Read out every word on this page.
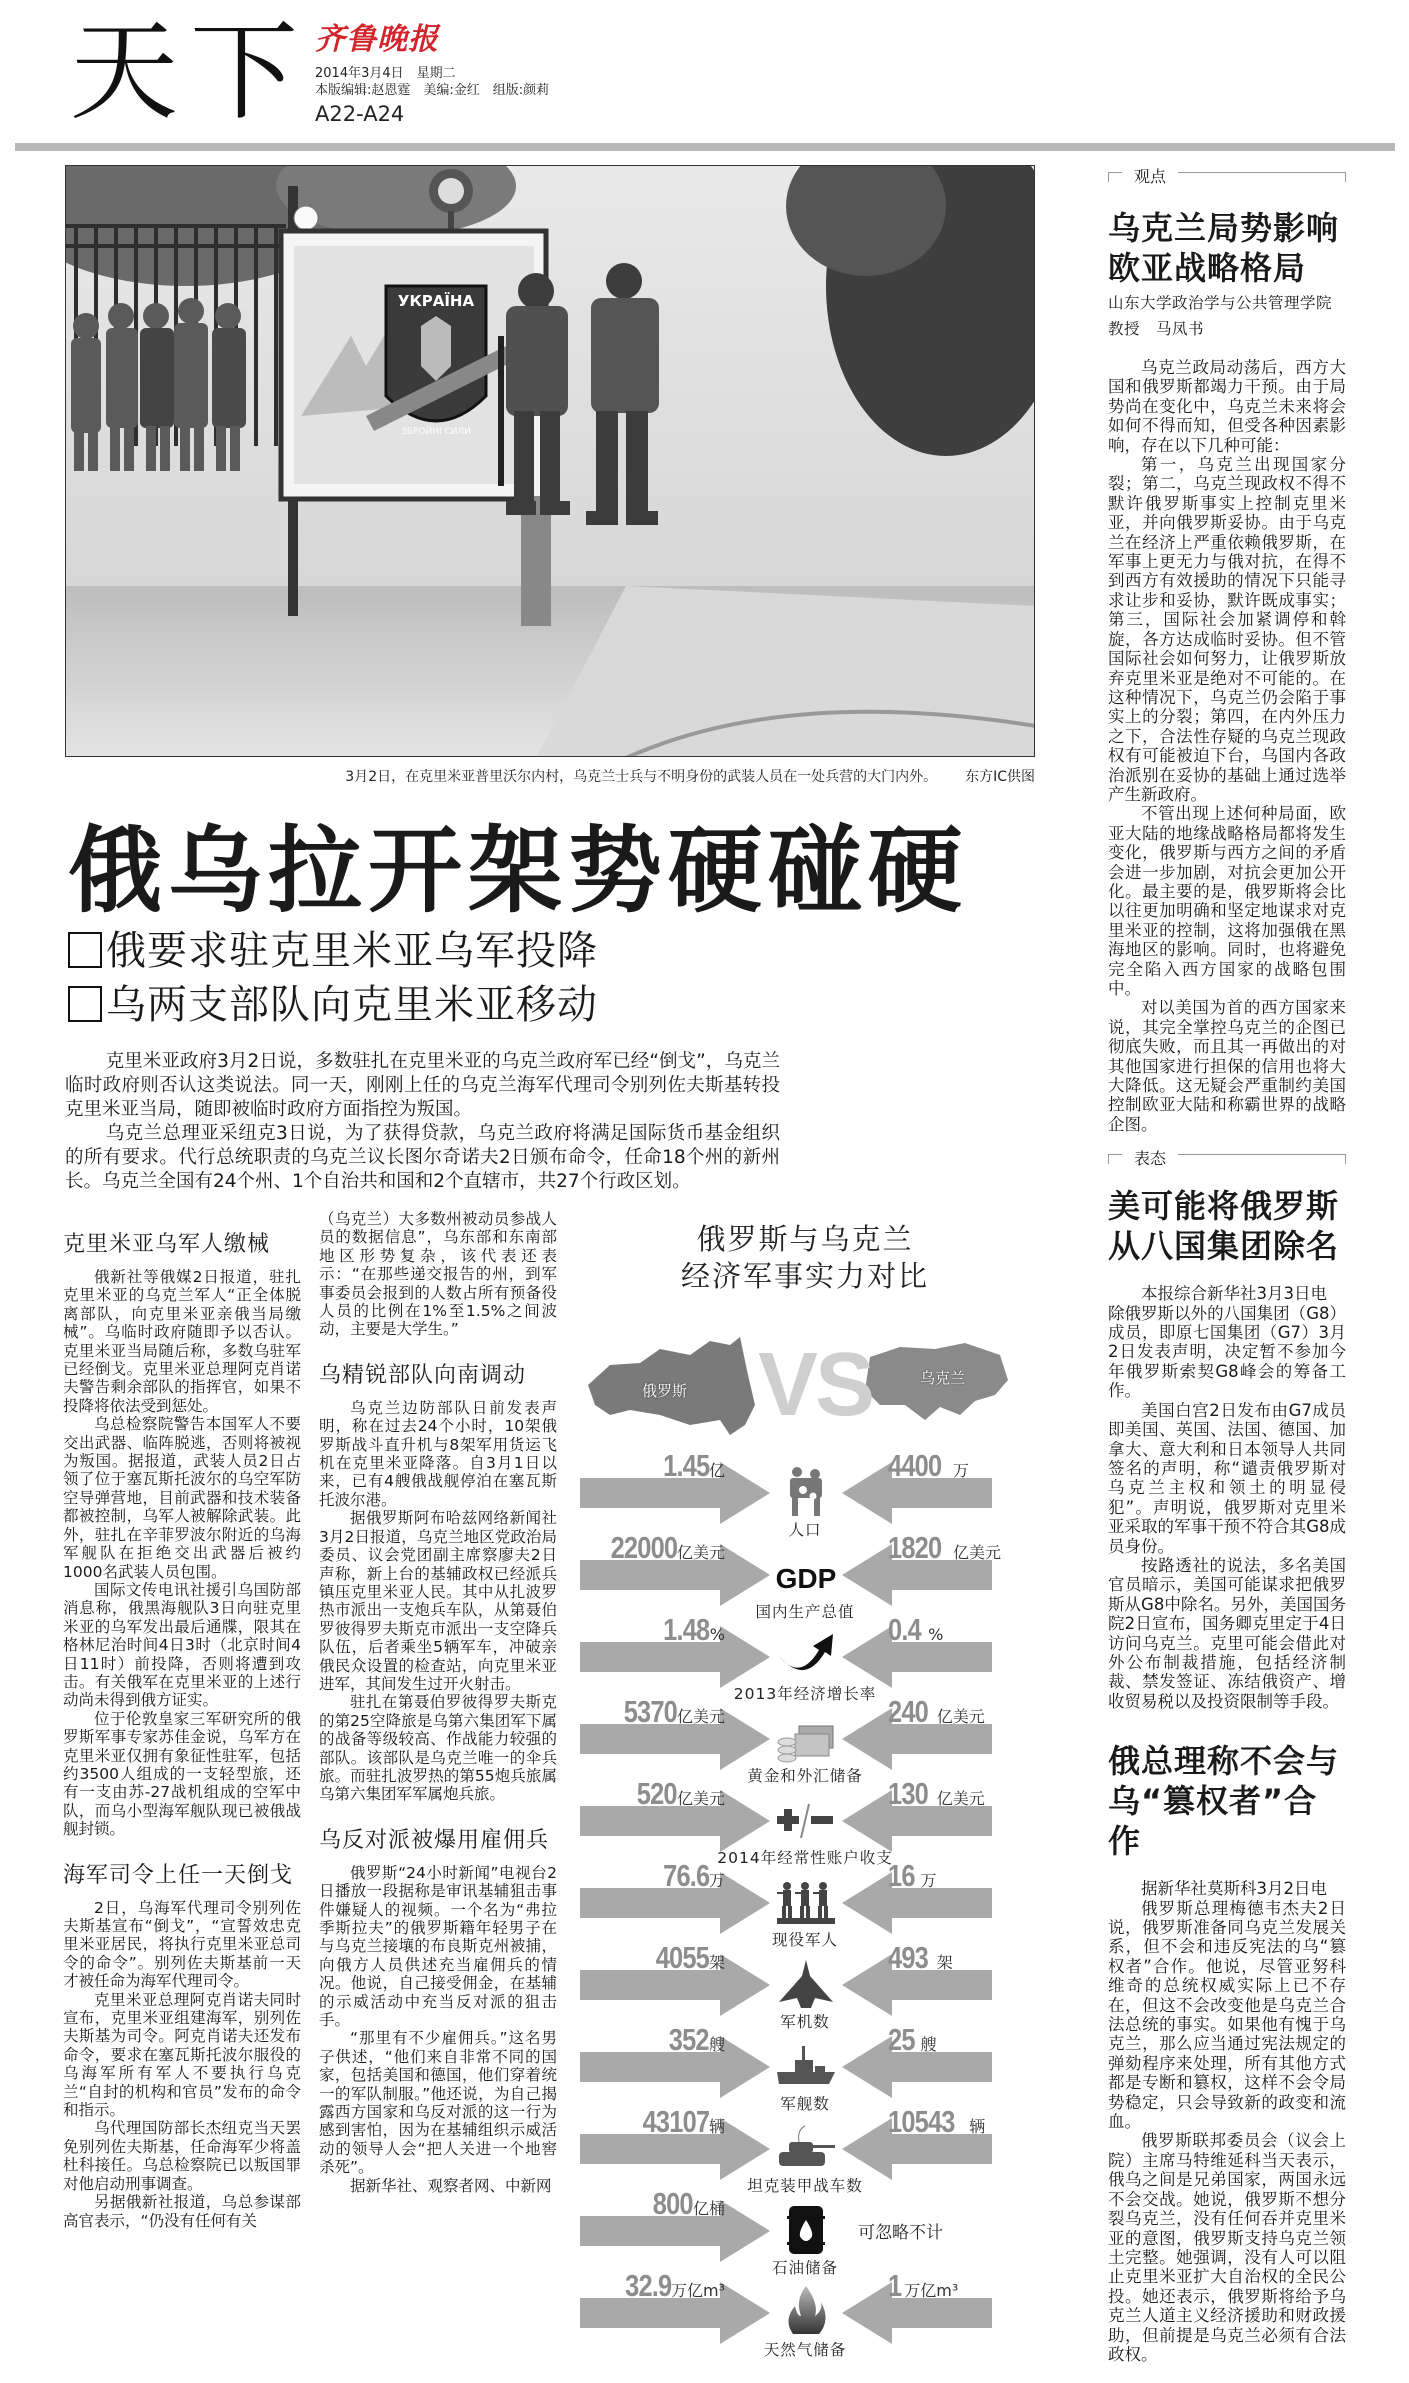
天下 齐鲁晚报
2014年3月4日　星期二
本版编辑:赵恩霆　美编:金红　组版:颜莉
A22-A24
УКРАЇНА
ЗБРОЙНІ СИЛИ
3月2日，在克里米亚普里沃尔内村，乌克兰士兵与不明身份的武装人员在一处兵营的大门内外。 东方IC供图
俄乌拉开架势硬碰硬
俄要求驻克里米亚乌军投降
乌两支部队向克里米亚移动

克里米亚政府3月2日说，多数驻扎在克里米亚的乌克兰政府军已经“倒戈”，乌克兰临时政府则否认这类说法。同一天，刚刚上任的乌克兰海军代理司令别列佐夫斯基转投克里米亚当局，随即被临时政府方面指控为叛国。

乌克兰总理亚采纽克3日说，为了获得贷款，乌克兰政府将满足国际货币基金组织的所有要求。代行总统职责的乌克兰议长图尔奇诺夫2日颁布命令，任命18个州的新州长。乌克兰全国有24个州、1个自治共和国和2个直辖市，共27个行政区划。

克里米亚乌军人缴械

俄新社等俄媒2日报道，驻扎克里米亚的乌克兰军人“正全体脱离部队，向克里米亚亲俄当局缴械”。乌临时政府随即予以否认。克里米亚当局随后称，多数乌驻军已经倒戈。克里米亚总理阿克肖诺夫警告剩余部队的指挥官，如果不投降将依法受到惩处。

乌总检察院警告本国军人不要交出武器、临阵脱逃，否则将被视为叛国。据报道，武装人员2日占领了位于塞瓦斯托波尔的乌空军防空导弹营地，目前武器和技术装备都被控制，乌军人被解除武装。此外，驻扎在辛菲罗波尔附近的乌海军舰队在拒绝交出武器后被约1000名武装人员包围。

国际文传电讯社援引乌国防部消息称，俄黑海舰队3日向驻克里米亚的乌军发出最后通牒，限其在格林尼治时间4日3时（北京时间4日11时）前投降，否则将遭到攻击。有关俄军在克里米亚的上述行动尚未得到俄方证实。

位于伦敦皇家三军研究所的俄罗斯军事专家苏佳金说，乌军方在克里米亚仅拥有象征性驻军，包括约3500人组成的一支轻型旅，还有一支由苏-27战机组成的空军中队，而乌小型海军舰队现已被俄战舰封锁。

海军司令上任一天倒戈

2日，乌海军代理司令别列佐夫斯基宣布“倒戈”，“宣誓效忠克里米亚居民，将执行克里米亚总司令的命令”。别列佐夫斯基前一天才被任命为海军代理司令。

克里米亚总理阿克肖诺夫同时宣布，克里米亚组建海军，别列佐夫斯基为司令。阿克肖诺夫还发布命令，要求在塞瓦斯托波尔服役的乌海军所有军人不要执行乌克兰“自封的机构和官员”发布的命令和指示。

乌代理国防部长杰纽克当天罢免别列佐夫斯基，任命海军少将盖杜科接任。乌总检察院已以叛国罪对他启动刑事调查。

另据俄新社报道，乌总参谋部高官表示，“仍没有任何有关

（乌克兰）大多数州被动员参战人员的数据信息”，乌东部和东南部地区形势复杂，该代表还表示：“在那些递交报告的州，到军事委员会报到的人数占所有预备役人员的比例在1%至1.5%之间波动，主要是大学生。”

乌精锐部队向南调动

乌克兰边防部队日前发表声明，称在过去24个小时，10架俄罗斯战斗直升机与8架军用货运飞机在克里米亚降落。自3月1日以来，已有4艘俄战舰停泊在塞瓦斯托波尔港。

据俄罗斯阿布哈兹网络新闻社3月2日报道，乌克兰地区党政治局委员、议会党团副主席察廖夫2日声称，新上台的基辅政权已经派兵镇压克里米亚人民。其中从扎波罗热市派出一支炮兵车队，从第聂伯罗彼得罗夫斯克市派出一支空降兵队伍，后者乘坐5辆军车，冲破亲俄民众设置的检查站，向克里米亚进军，其间发生过开火射击。

驻扎在第聂伯罗彼得罗夫斯克的第25空降旅是乌第六集团军下属的战备等级较高、作战能力较强的部队。该部队是乌克兰唯一的伞兵旅。而驻扎波罗热的第55炮兵旅属乌第六集团军军属炮兵旅。

乌反对派被爆用雇佣兵

俄罗斯“24小时新闻”电视台2日播放一段据称是审讯基辅狙击事件嫌疑人的视频。一个名为“弗拉季斯拉夫”的俄罗斯籍年轻男子在与乌克兰接壤的布良斯克州被捕，向俄方人员供述充当雇佣兵的情况。他说，自己接受佣金，在基辅的示威活动中充当反对派的狙击手。

“那里有不少雇佣兵。”这名男子供述，“他们来自非常不同的国家，包括美国和德国，他们穿着统一的军队制服。”他还说，为自己揭露西方国家和乌反对派的这一行为感到害怕，因为在基辅组织示威活动的领导人会“把人关进一个地窖杀死”。

据新华社、观察者网、中新网

俄罗斯与乌克兰
经济军事实力对比
VS
俄罗斯
乌克兰
1.45亿	4400 万
人口
22000亿美元	1820 亿美元
GDP
国内生产总值
1.48%	0.4 %
2013年经济增长率
5370亿美元	240 亿美元
黄金和外汇储备
520亿美元	130 亿美元
2014年经常性账户收支
76.6万	16 万
现役军人
4055架	493 架
军机数
352艘	25 艘
军舰数
43107辆	10543 辆
坦克装甲战车数
800亿桶
可忽略不计
石油储备
32.9万亿m³	1 万亿m³
天然气储备
观点
乌克兰局势影响欧亚战略格局
山东大学政治学与公共管理学院
教授　马凤书

乌克兰政局动荡后，西方大国和俄罗斯都竭力干预。由于局势尚在变化中，乌克兰未来将会如何不得而知，但受各种因素影响，存在以下几种可能：

第一，乌克兰出现国家分裂；第二，乌克兰现政权不得不默许俄罗斯事实上控制克里米亚，并向俄罗斯妥协。由于乌克兰在经济上严重依赖俄罗斯，在军事上更无力与俄对抗，在得不到西方有效援助的情况下只能寻求让步和妥协，默许既成事实；第三，国际社会加紧调停和斡旋，各方达成临时妥协。但不管国际社会如何努力，让俄罗斯放弃克里米亚是绝对不可能的。在这种情况下，乌克兰仍会陷于事实上的分裂；第四，在内外压力之下，合法性存疑的乌克兰现政权有可能被迫下台，乌国内各政治派别在妥协的基础上通过选举产生新政府。

不管出现上述何种局面，欧亚大陆的地缘战略格局都将发生变化，俄罗斯与西方之间的矛盾会进一步加剧，对抗会更加公开化。最主要的是，俄罗斯将会比以往更加明确和坚定地谋求对克里米亚的控制，这将加强俄在黑海地区的影响。同时，也将避免完全陷入西方国家的战略包围中。

对以美国为首的西方国家来说，其完全掌控乌克兰的企图已彻底失败，而且其一再做出的对其他国家进行担保的信用也将大大降低。这无疑会严重制约美国控制欧亚大陆和称霸世界的战略企图。

表态
美可能将俄罗斯从八国集团除名
本报综合新华社3月3日电

除俄罗斯以外的八国集团（G8）成员，即原七国集团（G7）3月2日发表声明，决定暂不参加今年俄罗斯索契G8峰会的筹备工作。

美国白宫2日发布由G7成员即美国、英国、法国、德国、加拿大、意大利和日本领导人共同签名的声明，称“谴责俄罗斯对乌克兰主权和领土的明显侵犯”。声明说，俄罗斯对克里米亚采取的军事干预不符合其G8成员身份。

按路透社的说法，多名美国官员暗示，美国可能谋求把俄罗斯从G8中除名。另外，美国国务院2日宣布，国务卿克里定于4日访问乌克兰。克里可能会借此对外公布制裁措施，包括经济制裁、禁发签证、冻结俄资产、增收贸易税以及投资限制等手段。

俄总理称不会与乌“篡权者”合作
据新华社莫斯科3月2日电

俄罗斯总理梅德韦杰夫2日说，俄罗斯准备同乌克兰发展关系，但不会和违反宪法的乌“篡权者”合作。他说，尽管亚努科维奇的总统权威实际上已不存在，但这不会改变他是乌克兰合法总统的事实。如果他有愧于乌克兰，那么应当通过宪法规定的弹劾程序来处理，所有其他方式都是专断和篡权，这样不会令局势稳定，只会导致新的政变和流血。

俄罗斯联邦委员会（议会上院）主席马特维延科当天表示，俄乌之间是兄弟国家，两国永远不会交战。她说，俄罗斯不想分裂乌克兰，没有任何吞并克里米亚的意图，俄罗斯支持乌克兰领土完整。她强调，没有人可以阻止克里米亚扩大自治权的全民公投。她还表示，俄罗斯将给予乌克兰人道主义经济援助和财政援助，但前提是乌克兰必须有合法政权。
